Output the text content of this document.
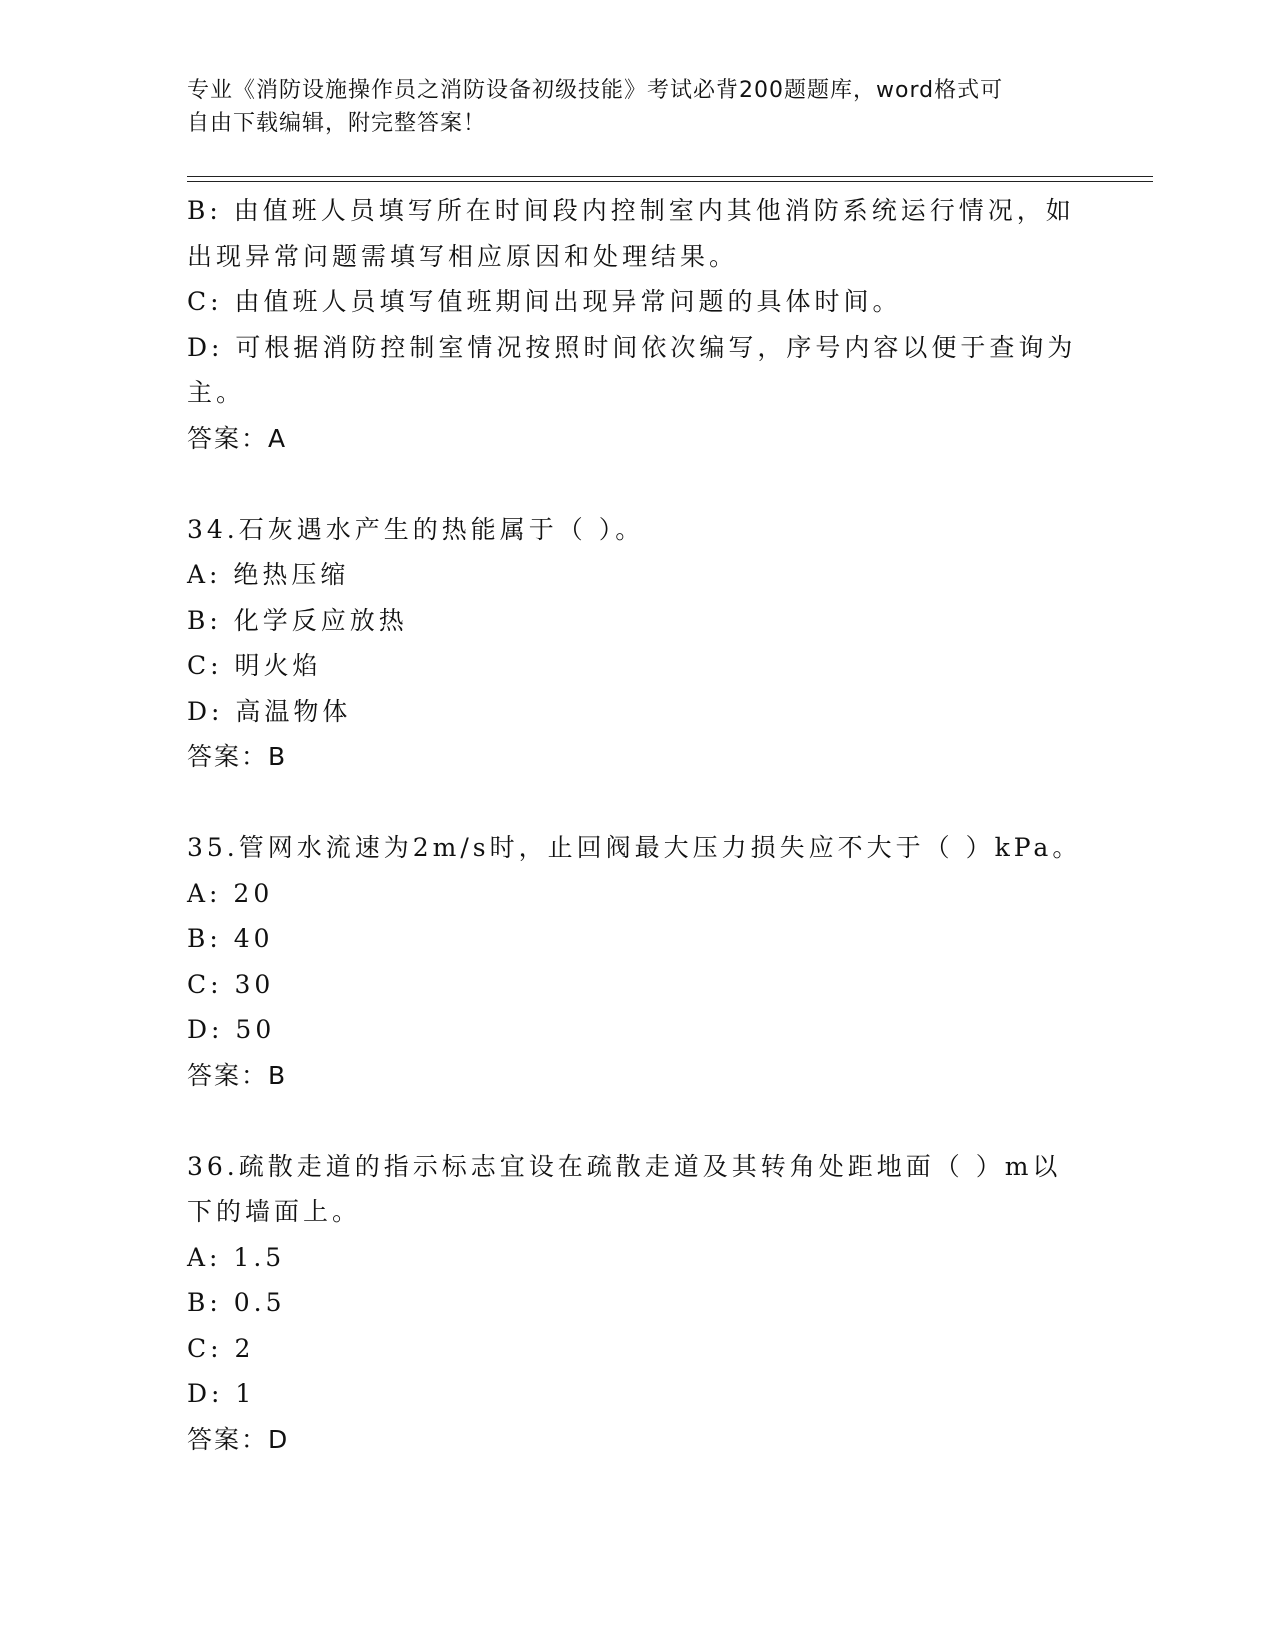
专业《消防设施操作员之消防设备初级技能》考试必背200题题库，word格式可
自由下载编辑，附完整答案！
B: 由值班人员填写所在时间段内控制室内其他消防系统运行情况，如
出现异常问题需填写相应原因和处理结果。
C: 由值班人员填写值班期间出现异常问题的具体时间。
D: 可根据消防控制室情况按照时间依次编写，序号内容以便于查询为
主。
答案：A
34.石灰遇水产生的热能属于（ ）。
A: 绝热压缩
B: 化学反应放热
C: 明火焰
D: 高温物体
答案：B
35.管网水流速为2m/s时，止回阀最大压力损失应不大于（ ）kPa。
A: 20
B: 40
C: 30
D: 50
答案：B
36.疏散走道的指示标志宜设在疏散走道及其转角处距地面（ ）m以
下的墙面上。
A: 1.5
B: 0.5
C: 2
D: 1
答案：D
